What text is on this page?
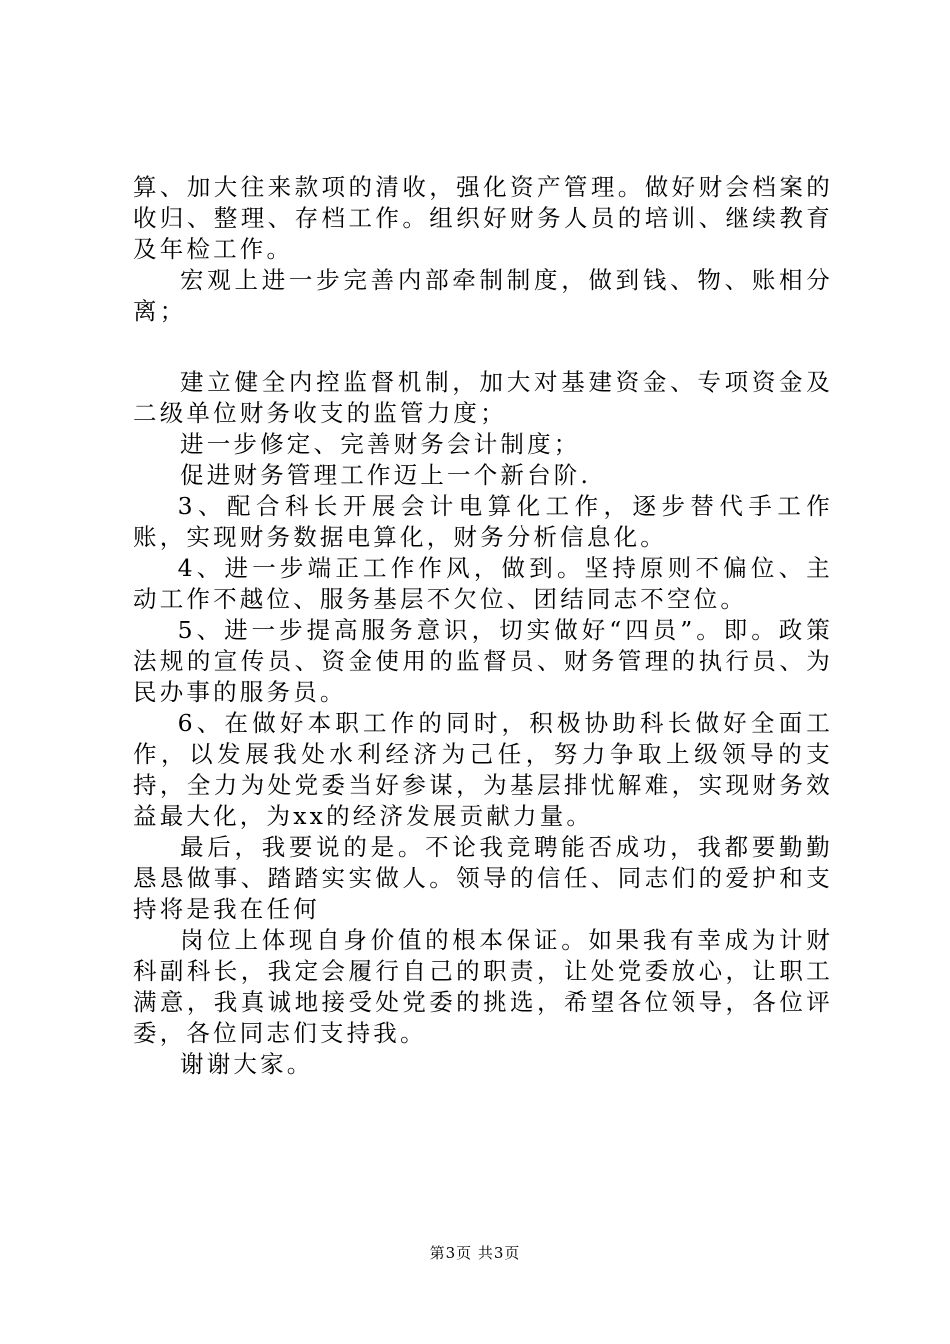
算、加大往来款项的清收，强化资产管理。做好财会档案的收归、整理、存档工作。组织好财务人员的培训、继续教育及年检工作。

宏观上进一步完善内部牵制制度，做到钱、物、账相分离；

建立健全内控监督机制，加大对基建资金、专项资金及二级单位财务收支的监管力度；

进一步修定、完善财务会计制度；

促进财务管理工作迈上一个新台阶.

3、配合科长开展会计电算化工作，逐步替代手工作账，实现财务数据电算化，财务分析信息化。

4、进一步端正工作作风，做到。坚持原则不偏位、主动工作不越位、服务基层不欠位、团结同志不空位。

5、进一步提高服务意识，切实做好“四员”。即。政策法规的宣传员、资金使用的监督员、财务管理的执行员、为民办事的服务员。

6、在做好本职工作的同时，积极协助科长做好全面工作，以发展我处水利经济为己任，努力争取上级领导的支持，全力为处党委当好参谋，为基层排忧解难，实现财务效益最大化，为xx的经济发展贡献力量。

最后，我要说的是。不论我竞聘能否成功，我都要勤勤恳恳做事、踏踏实实做人。领导的信任、同志们的爱护和支持将是我在任何

岗位上体现自身价值的根本保证。如果我有幸成为计财科副科长，我定会履行自己的职责，让处党委放心，让职工满意，我真诚地接受处党委的挑选，希望各位领导，各位评委，各位同志们支持我。

谢谢大家。

第3页 共3页
